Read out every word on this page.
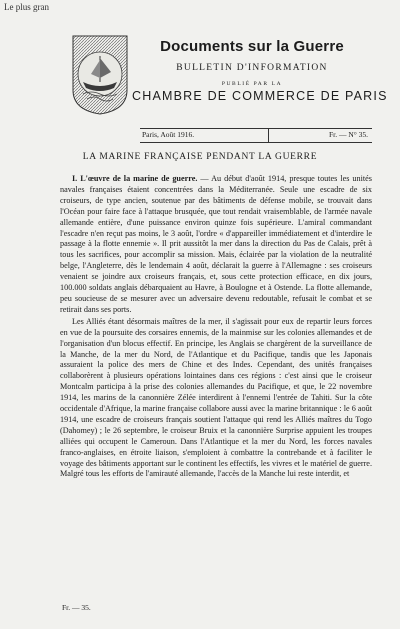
Le plus gran
Documents sur la Guerre
BULLETIN D'INFORMATION
PUBLIÉ PAR LA
CHAMBRE DE COMMERCE DE PARIS
Paris, Août 1916.	Fr. — N° 35.
LA MARINE FRANÇAISE PENDANT LA GUERRE

I. L'œuvre de la marine de guerre. — Au début d'août 1914, presque toutes les unités navales françaises étaient concentrées dans la Méditerranée. Seule une escadre de six croiseurs, de type ancien, soutenue par des bâtiments de défense mobile, se trouvait dans l'Océan pour faire face à l'attaque brusquée, que tout rendait vraisemblable, de l'armée navale allemande entière, d'une puissance environ quinze fois supérieure. L'amiral commandant l'escadre n'en reçut pas moins, le 3 août, l'ordre « d'appareiller immédiatement et d'interdire le passage à la flotte ennemie ». Il prit aussitôt la mer dans la direction du Pas de Calais, prêt à tous les sacrifices, pour accomplir sa mission. Mais, éclairée par la violation de la neutralité belge, l'Angleterre, dès le lendemain 4 août, déclarait la guerre à l'Allemagne : ses croiseurs venaient se joindre aux croiseurs français, et, sous cette protection efficace, en dix jours, 100.000 soldats anglais débarquaient au Havre, à Boulogne et à Ostende. La flotte allemande, peu soucieuse de se mesurer avec un adversaire devenu redoutable, refusait le combat et se retirait dans ses ports.

Les Alliés étant désormais maîtres de la mer, il s'agissait pour eux de repartir leurs forces en vue de la poursuite des corsaires ennemis, de la mainmise sur les colonies allemandes et de l'organisation d'un blocus effectif. En principe, les Anglais se chargèrent de la surveillance de la Manche, de la mer du Nord, de l'Atlantique et du Pacifique, tandis que les Japonais assuraient la police des mers de Chine et des Indes. Cependant, des unités françaises collaborèrent à plusieurs opérations lointaines dans ces régions : c'est ainsi que le croiseur Montcalm participa à la prise des colonies allemandes du Pacifique, et que, le 22 novembre 1914, les marins de la canonnière Zélée interdirent à l'ennemi l'entrée de Tahiti. Sur la côte occidentale d'Afrique, la marine française collabore aussi avec la marine britannique : le 6 août 1914, une escadre de croiseurs français soutient l'attaque qui rend les Alliés maîtres du Togo (Dahomey) ; le 26 septembre, le croiseur Bruix et la canonnière Surprise appuient les troupes alliées qui occupent le Cameroun. Dans l'Atlantique et la mer du Nord, les forces navales franco-anglaises, en étroite liaison, s'emploient à combattre la contrebande et à faciliter le voyage des bâtiments apportant sur le continent les effectifs, les vivres et le matériel de guerre. Malgré tous les efforts de l'amirauté allemande, l'accès de la Manche lui reste interdit, et

Fr. — 35.
